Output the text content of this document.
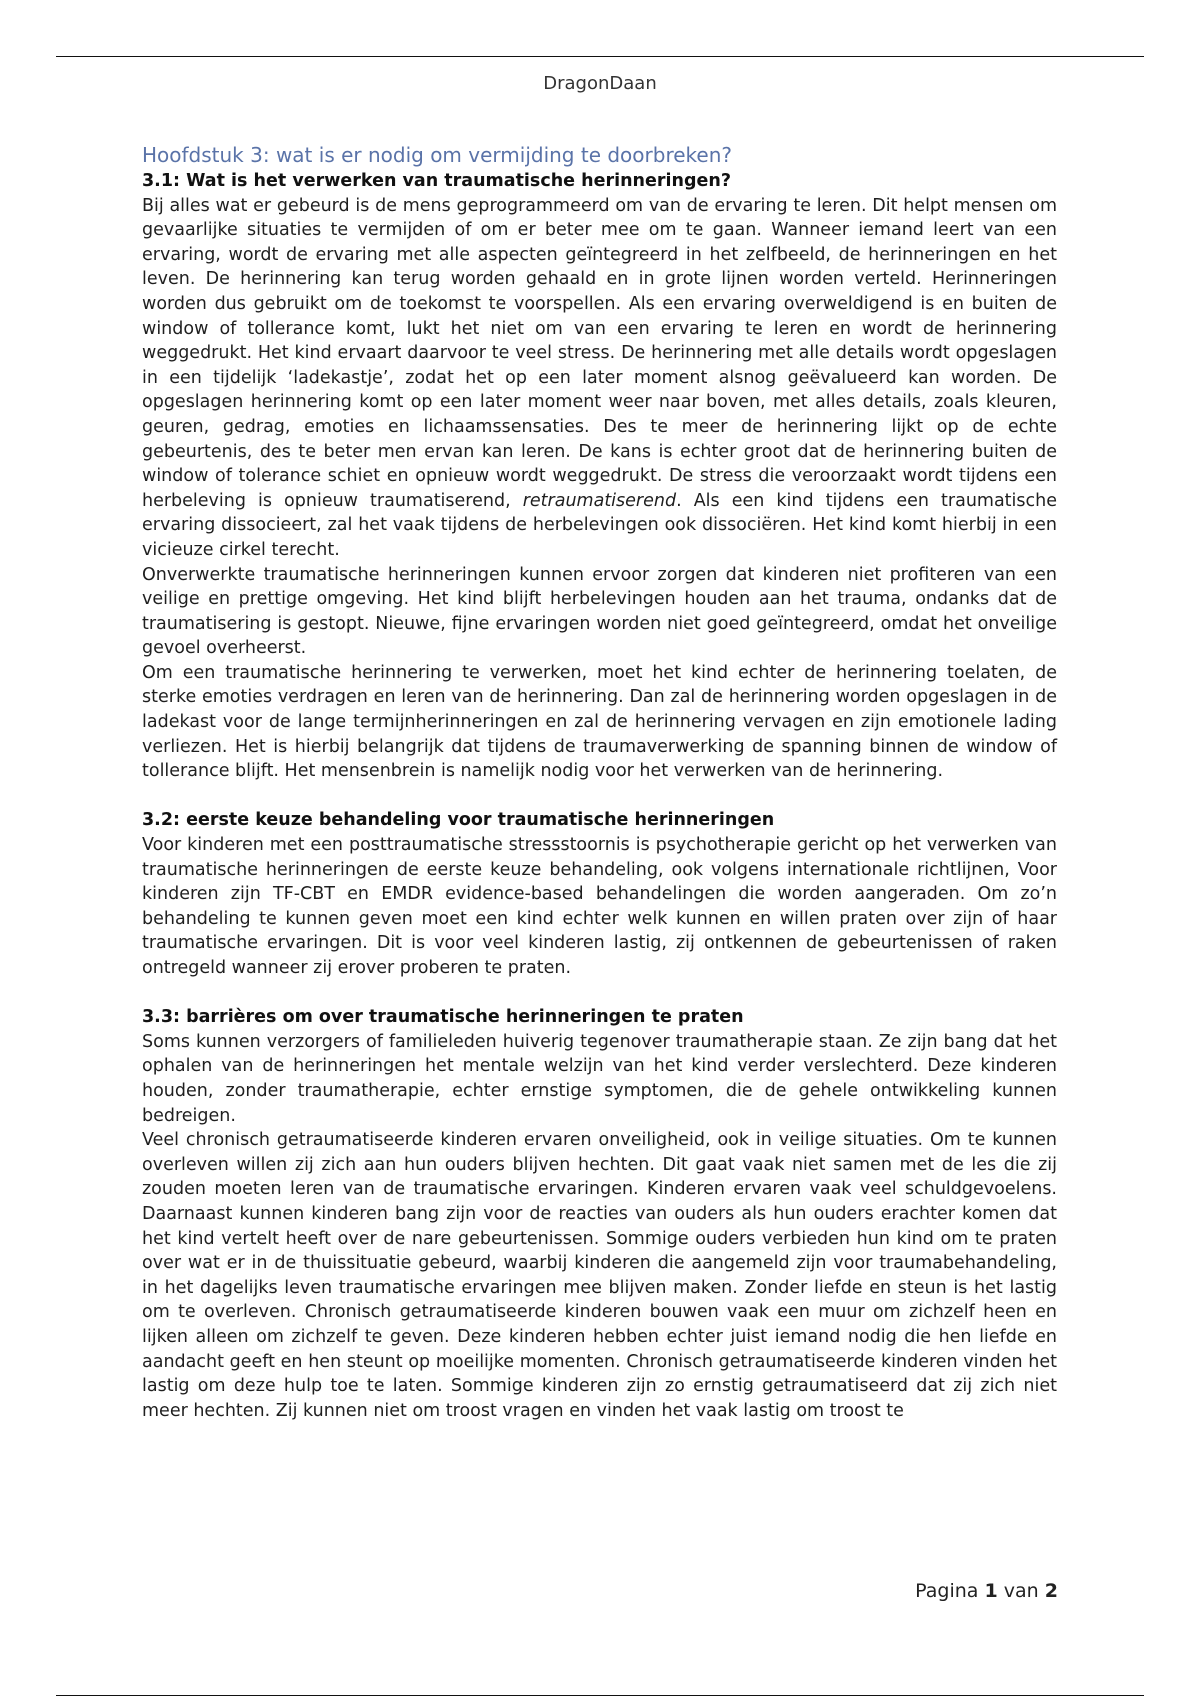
DragonDaan
Hoofdstuk 3: wat is er nodig om vermijding te doorbreken?
3.1: Wat is het verwerken van traumatische herinneringen?

Bij alles wat er gebeurd is de mens geprogrammeerd om van de ervaring te leren. Dit helpt mensen om gevaarlijke situaties te vermijden of om er beter mee om te gaan. Wanneer iemand leert van een ervaring, wordt de ervaring met alle aspecten geïntegreerd in het zelfbeeld, de herinneringen en het leven. De herinnering kan terug worden gehaald en in grote lijnen worden verteld. Herinneringen worden dus gebruikt om de toekomst te voorspellen. Als een ervaring overweldigend is en buiten de window of tollerance komt, lukt het niet om van een ervaring te leren en wordt de herinnering weggedrukt. Het kind ervaart daarvoor te veel stress. De herinnering met alle details wordt opgeslagen in een tijdelijk ‘ladekastje’, zodat het op een later moment alsnog geëvalueerd kan worden. De opgeslagen herinnering komt op een later moment weer naar boven, met alles details, zoals kleuren, geuren, gedrag, emoties en lichaamssensaties. Des te meer de herinnering lijkt op de echte gebeurtenis, des te beter men ervan kan leren. De kans is echter groot dat de herinnering buiten de window of tolerance schiet en opnieuw wordt weggedrukt. De stress die veroorzaakt wordt tijdens een herbeleving is opnieuw traumatiserend, retraumatiserend. Als een kind tijdens een traumatische ervaring dissocieert, zal het vaak tijdens de herbelevingen ook dissociëren. Het kind komt hierbij in een vicieuze cirkel terecht.

Onverwerkte traumatische herinneringen kunnen ervoor zorgen dat kinderen niet profiteren van een veilige en prettige omgeving. Het kind blijft herbelevingen houden aan het trauma, ondanks dat de traumatisering is gestopt. Nieuwe, fijne ervaringen worden niet goed geïntegreerd, omdat het onveilige gevoel overheerst.

Om een traumatische herinnering te verwerken, moet het kind echter de herinnering toelaten, de sterke emoties verdragen en leren van de herinnering. Dan zal de herinnering worden opgeslagen in de ladekast voor de lange termijnherinneringen en zal de herinnering vervagen en zijn emotionele lading verliezen. Het is hierbij belangrijk dat tijdens de traumaverwerking de spanning binnen de window of tollerance blijft. Het mensenbrein is namelijk nodig voor het verwerken van de herinnering.

3.2: eerste keuze behandeling voor traumatische herinneringen

Voor kinderen met een posttraumatische stressstoornis is psychotherapie gericht op het verwerken van traumatische herinneringen de eerste keuze behandeling, ook volgens internationale richtlijnen, Voor kinderen zijn TF-CBT en EMDR evidence-based behandelingen die worden aangeraden. Om zo’n behandeling te kunnen geven moet een kind echter welk kunnen en willen praten over zijn of haar traumatische ervaringen. Dit is voor veel kinderen lastig, zij ontkennen de gebeurtenissen of raken ontregeld wanneer zij erover proberen te praten.

3.3: barrières om over traumatische herinneringen te praten

Soms kunnen verzorgers of familieleden huiverig tegenover traumatherapie staan. Ze zijn bang dat het ophalen van de herinneringen het mentale welzijn van het kind verder verslechterd. Deze kinderen houden, zonder traumatherapie, echter ernstige symptomen, die de gehele ontwikkeling kunnen bedreigen.

Veel chronisch getraumatiseerde kinderen ervaren onveiligheid, ook in veilige situaties. Om te kunnen overleven willen zij zich aan hun ouders blijven hechten. Dit gaat vaak niet samen met de les die zij zouden moeten leren van de traumatische ervaringen. Kinderen ervaren vaak veel schuldgevoelens. Daarnaast kunnen kinderen bang zijn voor de reacties van ouders als hun ouders erachter komen dat het kind vertelt heeft over de nare gebeurtenissen. Sommige ouders verbieden hun kind om te praten over wat er in de thuissituatie gebeurd, waarbij kinderen die aangemeld zijn voor traumabehandeling, in het dagelijks leven traumatische ervaringen mee blijven maken. Zonder liefde en steun is het lastig om te overleven. Chronisch getraumatiseerde kinderen bouwen vaak een muur om zichzelf heen en lijken alleen om zichzelf te geven. Deze kinderen hebben echter juist iemand nodig die hen liefde en aandacht geeft en hen steunt op moeilijke momenten. Chronisch getraumatiseerde kinderen vinden het lastig om deze hulp toe te laten. Sommige kinderen zijn zo ernstig getraumatiseerd dat zij zich niet meer hechten. Zij kunnen niet om troost vragen en vinden het vaak lastig om troost te

Pagina 1 van 2
